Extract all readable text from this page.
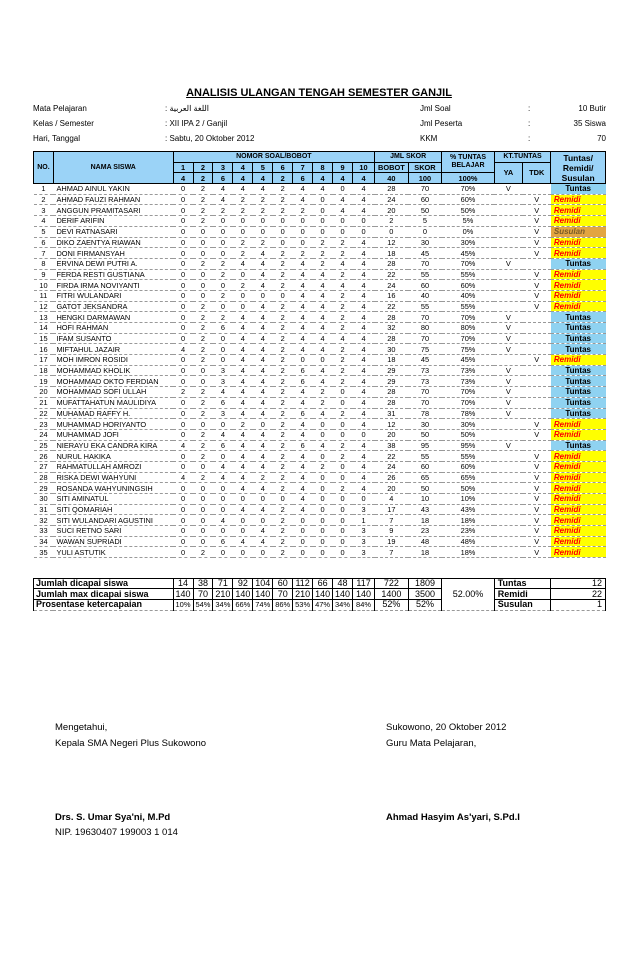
ANALISIS ULANGAN TENGAH SEMESTER GANJIL
Mata Pelajaran	: اللغة العربية
Kelas / Semester	: XII IPA 2 / Ganjil
Hari, Tanggal	: Sabtu, 20 Oktober 2012
Jml Soal	:	10 Butir
Jml Peserta	:	35 Siswa
KKM	:	70
NO.	NAMA SISWA	NOMOR SOAL/BOBOT										JML SKOR		% TUNTAS BELAJAR	KT.TUNTAS		Tuntas/ Remidi/ Susulan
		1	2	3	4	5	6	7	8	9	10	BOBOT	SKOR		YA	TDK	
		4	2	6	4	4	2	6	4	4	4	40	100	100%			
1	AHMAD AINUL YAKIN	0	2	4	4	4	2	4	4	0	4	28	70	70%	V		Tuntas
2	AHMAD FAUZI RAHMAN	0	2	4	2	2	2	4	0	4	4	24	60	60%		V	Remidi
3	ANGGUN PRAMITASARI	0	2	2	2	2	2	2	0	4	4	20	50	50%		V	Remidi
4	DERIF ARIFIN	0	2	0	0	0	0	0	0	0	0	2	5	5%		V	Remidi
5	DEVI RATNASARI	0	0	0	0	0	0	0	0	0	0	0	0	0%		V	Susulan
6	DIKO ZAENTYA RIAWAN	0	0	0	2	2	0	0	2	2	4	12	30	30%		V	Remidi
7	DONI FIRMANSYAH	0	0	0	2	4	2	2	2	2	4	18	45	45%		V	Remidi
8	ERVINA DEWI PUTRI A.	0	2	2	4	4	2	4	2	4	4	28	70	70%	V		Tuntas
9	FERDA RESTI GUSTIANA	0	0	2	0	4	2	4	4	2	4	22	55	55%		V	Remidi
10	FIRDA IRMA NOVIYANTI	0	0	0	2	4	2	4	4	4	4	24	60	60%		V	Remidi
11	FITRI WULANDARI	0	0	2	0	0	0	4	4	2	4	16	40	40%		V	Remidi
12	GATOT JEKSANDRA	0	2	0	0	4	2	4	4	2	4	22	55	55%		V	Remidi
13	HENGKI DARMAWAN	0	2	2	4	4	2	4	4	2	4	28	70	70%	V		Tuntas
14	HOFI RAHMAN	0	2	6	4	4	2	4	4	2	4	32	80	80%	V		Tuntas
15	IFAM SUSANTO	0	2	0	4	4	2	4	4	4	4	28	70	70%	V		Tuntas
16	MIFTAHUL JAZAIR	4	2	0	4	4	2	4	4	2	4	30	75	75%	V		Tuntas
17	MOH IMRON ROSIDI	0	2	0	4	4	2	0	0	2	4	18	45	45%		V	Remidi
18	MOHAMMAD KHOLIK	0	0	3	4	4	2	6	4	2	4	29	73	73%	V		Tuntas
19	MOHAMMAD OKTO FERDIAN	0	0	3	4	4	2	6	4	2	4	29	73	73%	V		Tuntas
20	MOHAMMAD SOFI ULLAH	2	2	4	4	4	2	4	2	0	4	28	70	70%	V		Tuntas
21	MUFATTAHATUN MAULIDIYA	0	2	6	4	4	2	4	2	0	4	28	70	70%	V		Tuntas
22	MUHAMAD RAFFY H.	0	2	3	4	4	2	6	4	2	4	31	78	78%	V		Tuntas
23	MUHAMMAD HORIYANTO	0	0	0	2	0	2	4	0	0	4	12	30	30%		V	Remidi
24	MUHAMMAD JOFI	0	2	4	4	4	2	4	0	0	0	20	50	50%		V	Remidi
25	NIERAYU EKA CANDRA KIRA	4	2	6	4	4	2	6	4	2	4	38	95	95%	V		Tuntas
26	NURUL HAKIKA	0	2	0	4	4	2	4	0	2	4	22	55	55%		V	Remidi
27	RAHMATULLAH AMROZI	0	0	4	4	4	2	4	2	0	4	24	60	60%		V	Remidi
28	RISKA DEWI WAHYUNI	4	2	4	4	2	2	4	0	0	4	26	65	65%		V	Remidi
29	ROSANDA WAHYUNINGSIH	0	0	0	4	4	2	4	0	2	4	20	50	50%		V	Remidi
30	SITI AMINATUL	0	0	0	0	0	0	4	0	0	0	4	10	10%		V	Remidi
31	SITI QOMARIAH	0	0	0	4	4	2	4	0	0	3	17	43	43%		V	Remidi
32	SITI WULANDARI AGUSTINI	0	0	4	0	0	2	0	0	0	1	7	18	18%		V	Remidi
33	SUCI RETNO SARI	0	0	0	0	4	2	0	0	0	3	9	23	23%		V	Remidi
34	WAWAN SUPRIADI	0	0	6	4	4	2	0	0	0	3	19	48	48%		V	Remidi
35	YULI ASTUTIK	0	2	0	0	0	2	0	0	0	3	7	18	18%		V	Remidi

Jumlah dicapai siswa		14	38	71	92	104	60	112	66	48	117	722	1809	52.00%	Tuntas		12
Jumlah max dicapai siswa		140	70	210	140	140	70	210	140	140	140	1400	3500		Remidi		22
Prosentase ketercapaian		10%	54%	34%	66%	74%	86%	53%	47%	34%	84%	52%	52%		Susulan		1
Mengetahui,
Kepala SMA Negeri Plus Sukowono
Drs. S. Umar Sya'ni, M.Pd
NIP. 19630407 199003 1 014
Sukowono, 20 Oktober 2012
Guru Mata Pelajaran,
Ahmad Hasyim As'yari, S.Pd.I
